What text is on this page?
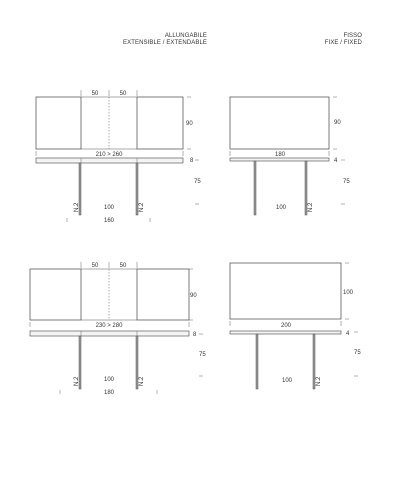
ALLUNGABILE
EXTENSIBLE / EXTENDABLE
FISSO
FIXE / FIXED
50	50
90
210 > 260
8
75
N.2	N.2
100
160
90
180
4
75
N.2
100
50	50
90
230 > 280
8
75
N.2	N.2
100
180
100
200
4
75
N.2
100
